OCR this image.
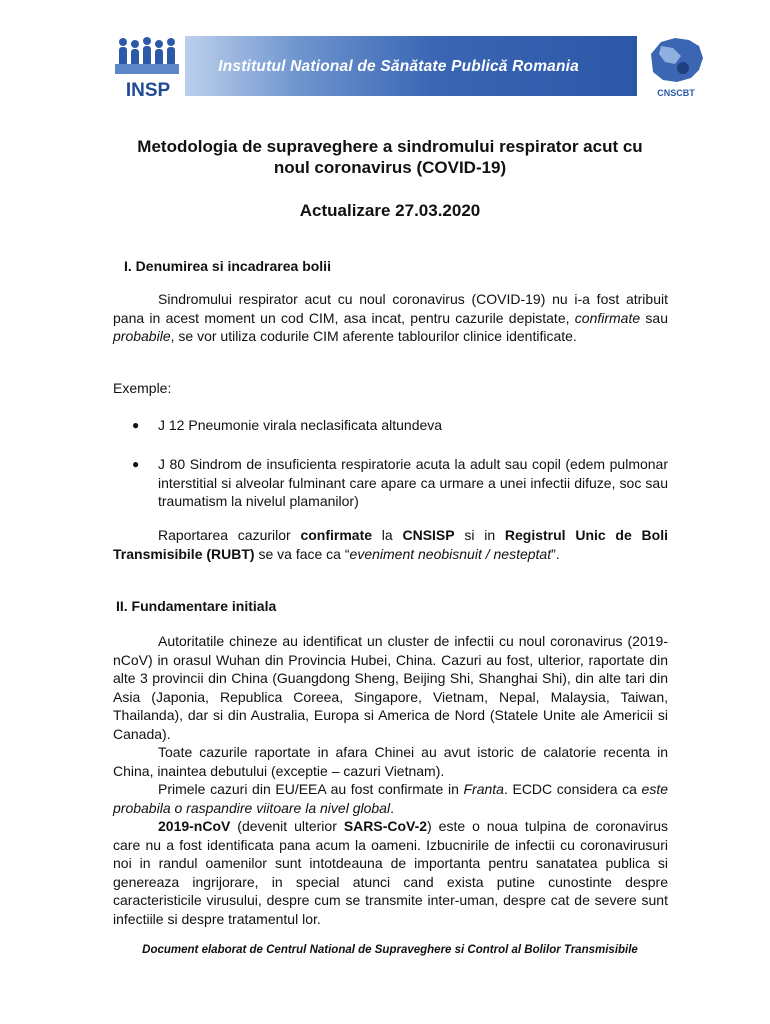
INSP
Institutul National de Sănătate Publică Romania
CNSCBT
Metodologia de supraveghere a sindromului respirator acut cu
noul coronavirus (COVID-19)
Actualizare 27.03.2020
I. Denumirea si incadrarea bolii
Sindromului respirator acut cu noul coronavirus (COVID-19) nu i-a fost atribuit pana in acest moment un cod CIM, asa incat, pentru cazurile depistate, confirmate sau probabile, se vor utiliza codurile CIM aferente tablourilor clinice identificate.
Exemple:
● J 12 Pneumonie virala neclasificata altundeva
● J 80 Sindrom de insuficienta respiratorie acuta la adult sau copil (edem pulmonar interstitial si alveolar fulminant care apare ca urmare a unei infectii difuze, soc sau traumatism la nivelul plamanilor)
Raportarea cazurilor confirmate la CNSISP si in Registrul Unic de Boli Transmisibile (RUBT) se va face ca “eveniment neobisnuit / nesteptat”.
II. Fundamentare initiala
Autoritatile chineze au identificat un cluster de infectii cu noul coronavirus (2019-nCoV) in orasul Wuhan din Provincia Hubei, China. Cazuri au fost, ulterior, raportate din alte 3 provincii din China (Guangdong Sheng, Beijing Shi, Shanghai Shi), din alte tari din Asia (Japonia, Republica Coreea, Singapore, Vietnam, Nepal, Malaysia, Taiwan, Thailanda), dar si din Australia, Europa si America de Nord (Statele Unite ale Americii si Canada).
Toate cazurile raportate in afara Chinei au avut istoric de calatorie recenta in China, inaintea debutului (exceptie – cazuri Vietnam).
Primele cazuri din EU/EEA au fost confirmate in Franta. ECDC considera ca este probabila o raspandire viitoare la nivel global.
2019-nCoV (devenit ulterior SARS-CoV-2) este o noua tulpina de coronavirus care nu a fost identificata pana acum la oameni. Izbucnirile de infectii cu coronavirusuri noi in randul oamenilor sunt intotdeauna de importanta pentru sanatatea publica si genereaza ingrijorare, in special atunci cand exista putine cunostinte despre caracteristicile virusului, despre cum se transmite inter-uman, despre cat de severe sunt infectiile si despre tratamentul lor.
Document elaborat de Centrul National de Supraveghere si Control al Bolilor Transmisibile
